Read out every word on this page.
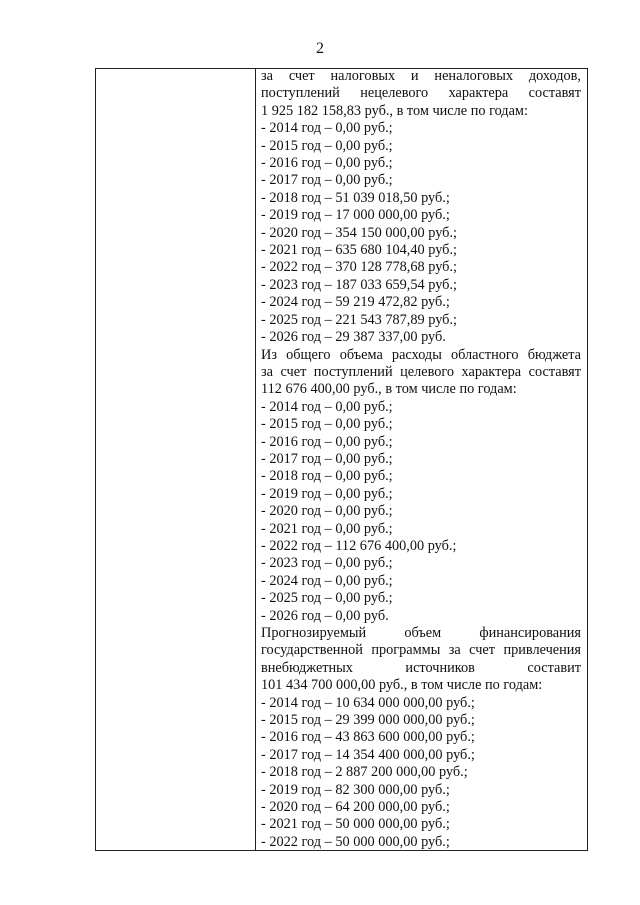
2
за счет налоговых и неналоговых доходов,
поступлений нецелевого характера составят
1 925 182 158,83 руб., в том числе по годам:
- 2014 год – 0,00 руб.;
- 2015 год – 0,00 руб.;
- 2016 год – 0,00 руб.;
- 2017 год – 0,00 руб.;
- 2018 год – 51 039 018,50 руб.;
- 2019 год – 17 000 000,00 руб.;
- 2020 год – 354 150 000,00 руб.;
- 2021 год – 635 680 104,40 руб.;
- 2022 год – 370 128 778,68 руб.;
- 2023 год – 187 033 659,54 руб.;
- 2024 год – 59 219 472,82 руб.;
- 2025 год – 221 543 787,89 руб.;
- 2026 год – 29 387 337,00 руб.
Из общего объема расходы областного бюджета
за счет поступлений целевого характера составят
112 676 400,00 руб., в том числе по годам:
- 2014 год – 0,00 руб.;
- 2015 год – 0,00 руб.;
- 2016 год – 0,00 руб.;
- 2017 год – 0,00 руб.;
- 2018 год – 0,00 руб.;
- 2019 год – 0,00 руб.;
- 2020 год – 0,00 руб.;
- 2021 год – 0,00 руб.;
- 2022 год – 112 676 400,00 руб.;
- 2023 год – 0,00 руб.;
- 2024 год – 0,00 руб.;
- 2025 год – 0,00 руб.;
- 2026 год – 0,00 руб.
Прогнозируемый объем финансирования
государственной программы за счет привлечения
внебюджетных источников составит
101 434 700 000,00 руб., в том числе по годам:
- 2014 год – 10 634 000 000,00 руб.;
- 2015 год – 29 399 000 000,00 руб.;
- 2016 год – 43 863 600 000,00 руб.;
- 2017 год – 14 354 400 000,00 руб.;
- 2018 год – 2 887 200 000,00 руб.;
- 2019 год – 82 300 000,00 руб.;
- 2020 год – 64 200 000,00 руб.;
- 2021 год – 50 000 000,00 руб.;
- 2022 год – 50 000 000,00 руб.;
